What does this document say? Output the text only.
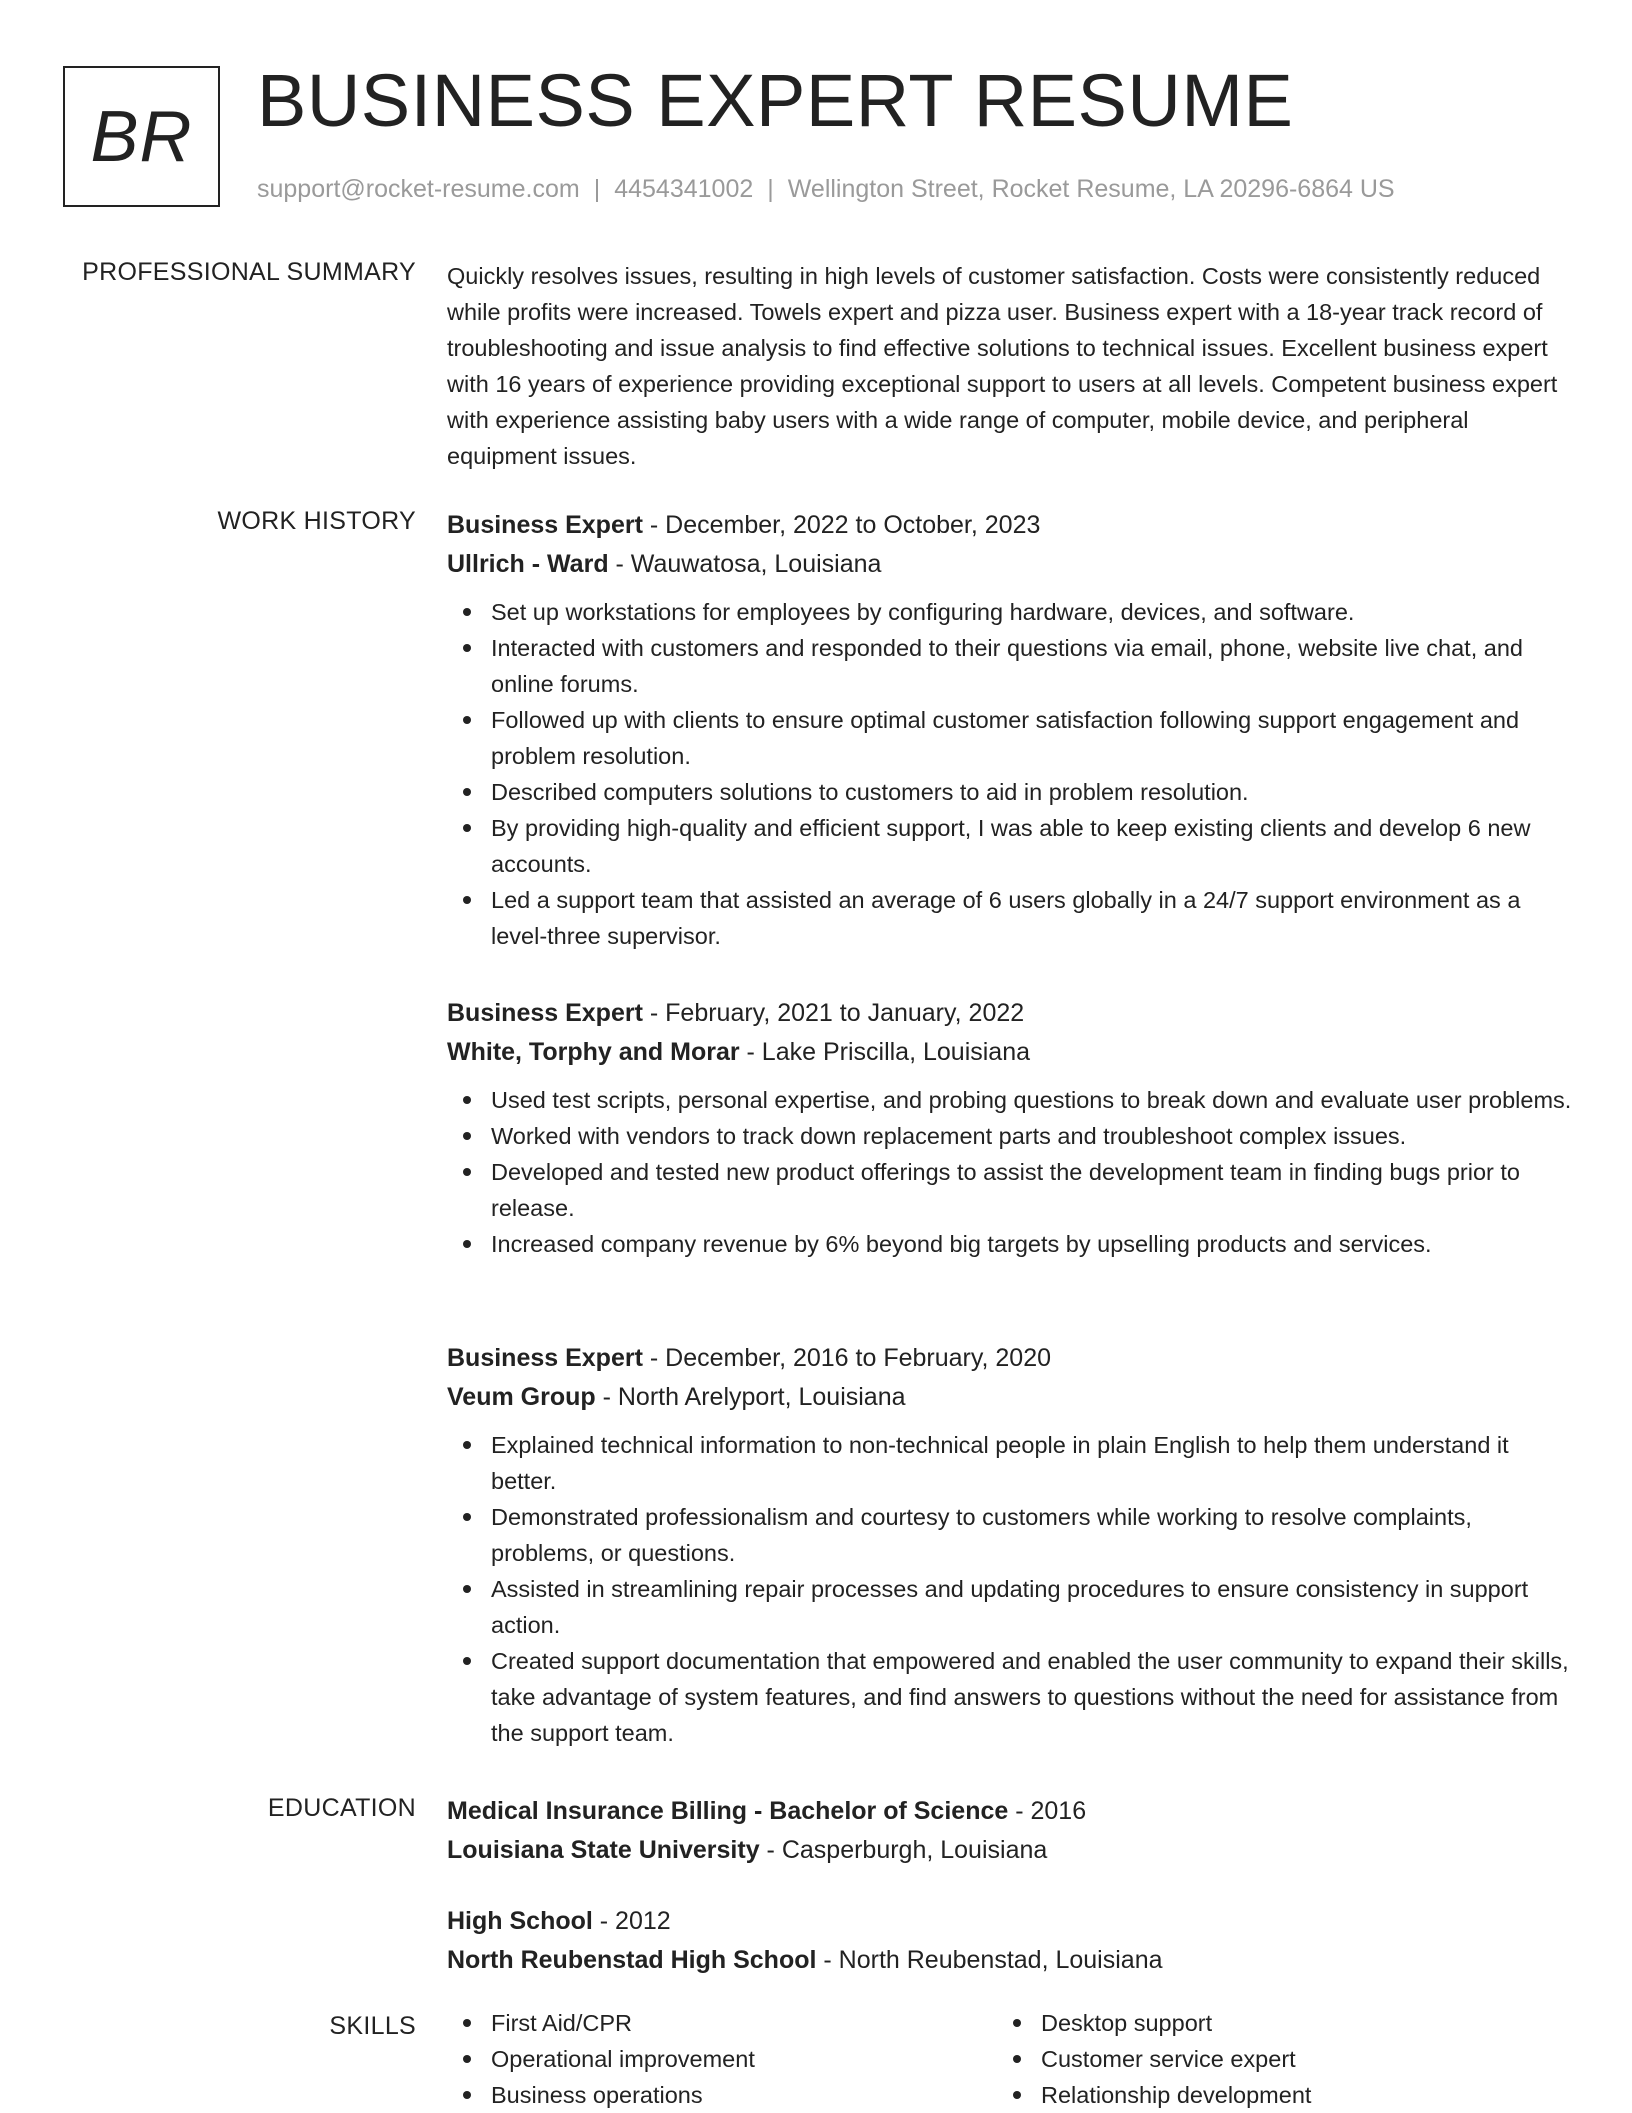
BR BUSINESS EXPERT RESUME
support@rocket-resume.com | 4454341002 | Wellington Street, Rocket Resume, LA 20296-6864 US
PROFESSIONAL SUMMARY Quickly resolves issues, resulting in high levels of customer satisfaction. Costs were consistently reduced while profits were increased. Towels expert and pizza user. Business expert with a 18-year track record of troubleshooting and issue analysis to find effective solutions to technical issues. Excellent business expert with 16 years of experience providing exceptional support to users at all levels. Competent business expert with experience assisting baby users with a wide range of computer, mobile device, and peripheral equipment issues.
WORK HISTORY Business Expert - December, 2022 to October, 2023
Ullrich - Ward - Wauwatosa, Louisiana
Set up workstations for employees by configuring hardware, devices, and software.
Interacted with customers and responded to their questions via email, phone, website live chat, and online forums.
Followed up with clients to ensure optimal customer satisfaction following support engagement and problem resolution.
Described computers solutions to customers to aid in problem resolution.
By providing high-quality and efficient support, I was able to keep existing clients and develop 6 new accounts.
Led a support team that assisted an average of 6 users globally in a 24/7 support environment as a level-three supervisor.
Business Expert - February, 2021 to January, 2022
White, Torphy and Morar - Lake Priscilla, Louisiana
Used test scripts, personal expertise, and probing questions to break down and evaluate user problems.
Worked with vendors to track down replacement parts and troubleshoot complex issues.
Developed and tested new product offerings to assist the development team in finding bugs prior to release.
Increased company revenue by 6% beyond big targets by upselling products and services.
Business Expert - December, 2016 to February, 2020
Veum Group - North Arelyport, Louisiana
Explained technical information to non-technical people in plain English to help them understand it better.
Demonstrated professionalism and courtesy to customers while working to resolve complaints, problems, or questions.
Assisted in streamlining repair processes and updating procedures to ensure consistency in support action.
Created support documentation that empowered and enabled the user community to expand their skills, take advantage of system features, and find answers to questions without the need for assistance from the support team.
EDUCATION Medical Insurance Billing - Bachelor of Science - 2016
Louisiana State University - Casperburgh, Louisiana
High School - 2012
North Reubenstad High School - North Reubenstad, Louisiana
SKILLS	First Aid/CPR
Operational improvement
Business operations
Desktop support
Customer service expert
Relationship development
